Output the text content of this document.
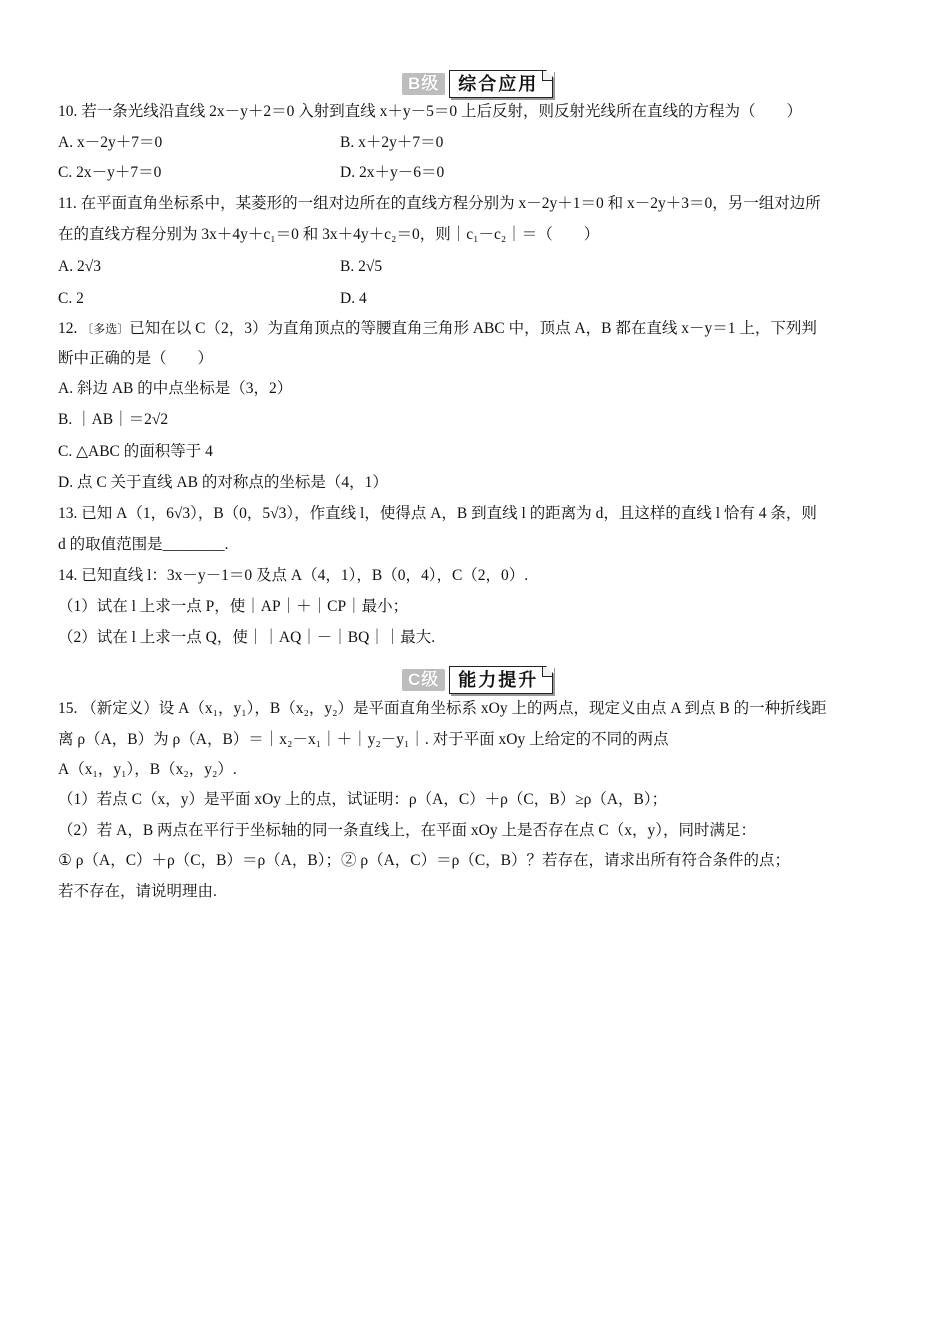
B级	综合应用
10. 若一条光线沿直线 2x－y＋2＝0 入射到直线 x＋y－5＝0 上后反射，则反射光线所在直线的方程为（　　）
A. x－2y＋7＝0	B. x＋2y＋7＝0
C. 2x－y＋7＝0	D. 2x＋y－6＝0
11. 在平面直角坐标系中，某菱形的一组对边所在的直线方程分别为 x－2y＋1＝0 和 x－2y＋3＝0，另一组对边所
在的直线方程分别为 3x＋4y＋c₁＝0 和 3x＋4y＋c₂＝0，则｜c₁－c₂｜＝（　　）
A. 2√3	B. 2√5
C. 2	D. 4
12. 〔多选〕已知在以 C（2，3）为直角顶点的等腰直角三角形 ABC 中，顶点 A，B 都在直线 x－y＝1 上，下列判
断中正确的是（　　）
A. 斜边 AB 的中点坐标是（3，2）
B. ｜AB｜＝2√2
C. △ABC 的面积等于 4
D. 点 C 关于直线 AB 的对称点的坐标是（4，1）
13. 已知 A（1，6√3），B（0，5√3），作直线 l，使得点 A，B 到直线 l 的距离为 d，且这样的直线 l 恰有 4 条，则
d 的取值范围是________.
14. 已知直线 l：3x－y－1＝0 及点 A（4，1），B（0，4），C（2，0）.
（1）试在 l 上求一点 P，使｜AP｜＋｜CP｜最小；
（2）试在 l 上求一点 Q，使｜｜AQ｜－｜BQ｜｜最大.
C级	能力提升
15. （新定义）设 A（x₁，y₁），B（x₂，y₂）是平面直角坐标系 xOy 上的两点，现定义由点 A 到点 B 的一种折线距
离 ρ（A，B）为 ρ（A，B）＝｜x₂－x₁｜＋｜y₂－y₁｜. 对于平面 xOy 上给定的不同的两点
A（x₁，y₁），B（x₂，y₂）.
（1）若点 C（x，y）是平面 xOy 上的点，试证明：ρ（A，C）＋ρ（C，B）≥ρ（A，B）；
（2）若 A，B 两点在平行于坐标轴的同一条直线上，在平面 xOy 上是否存在点 C（x，y），同时满足：
① ρ（A，C）＋ρ（C，B）＝ρ（A，B）；② ρ（A，C）＝ρ（C，B）？若存在，请求出所有符合条件的点；
若不存在，请说明理由.
